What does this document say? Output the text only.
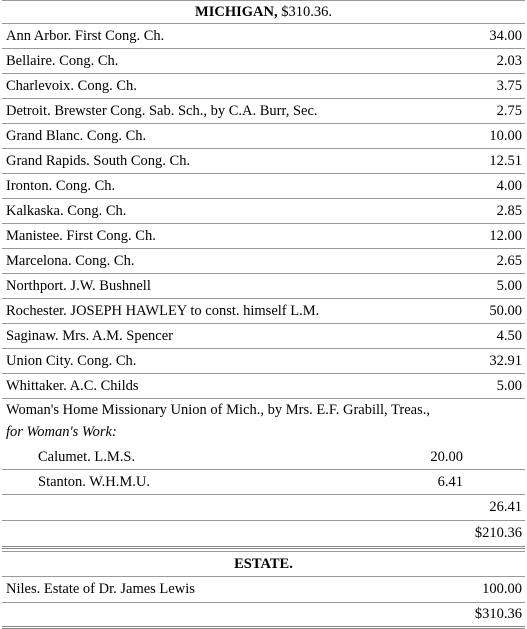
MICHIGAN, $310.36.
Ann Arbor. First Cong. Ch.	34.00
Bellaire. Cong. Ch.	2.03
Charlevoix. Cong. Ch.	3.75
Detroit. Brewster Cong. Sab. Sch., by C.A. Burr, Sec.	2.75
Grand Blanc. Cong. Ch.	10.00
Grand Rapids. South Cong. Ch.	12.51
Ironton. Cong. Ch.	4.00
Kalkaska. Cong. Ch.	2.85
Manistee. First Cong. Ch.	12.00
Marcelona. Cong. Ch.	2.65
Northport. J.W. Bushnell	5.00
Rochester. JOSEPH HAWLEY to const. himself L.M.	50.00
Saginaw. Mrs. A.M. Spencer	4.50
Union City. Cong. Ch.	32.91
Whittaker. A.C. Childs	5.00
Woman's Home Missionary Union of Mich., by Mrs. E.F. Grabill, Treas.,
for Woman's Work:
Calumet. L.M.S.	20.00
Stanton. W.H.M.U.	6.41
26.41
$210.36
ESTATE.
Niles. Estate of Dr. James Lewis	100.00
$310.36
